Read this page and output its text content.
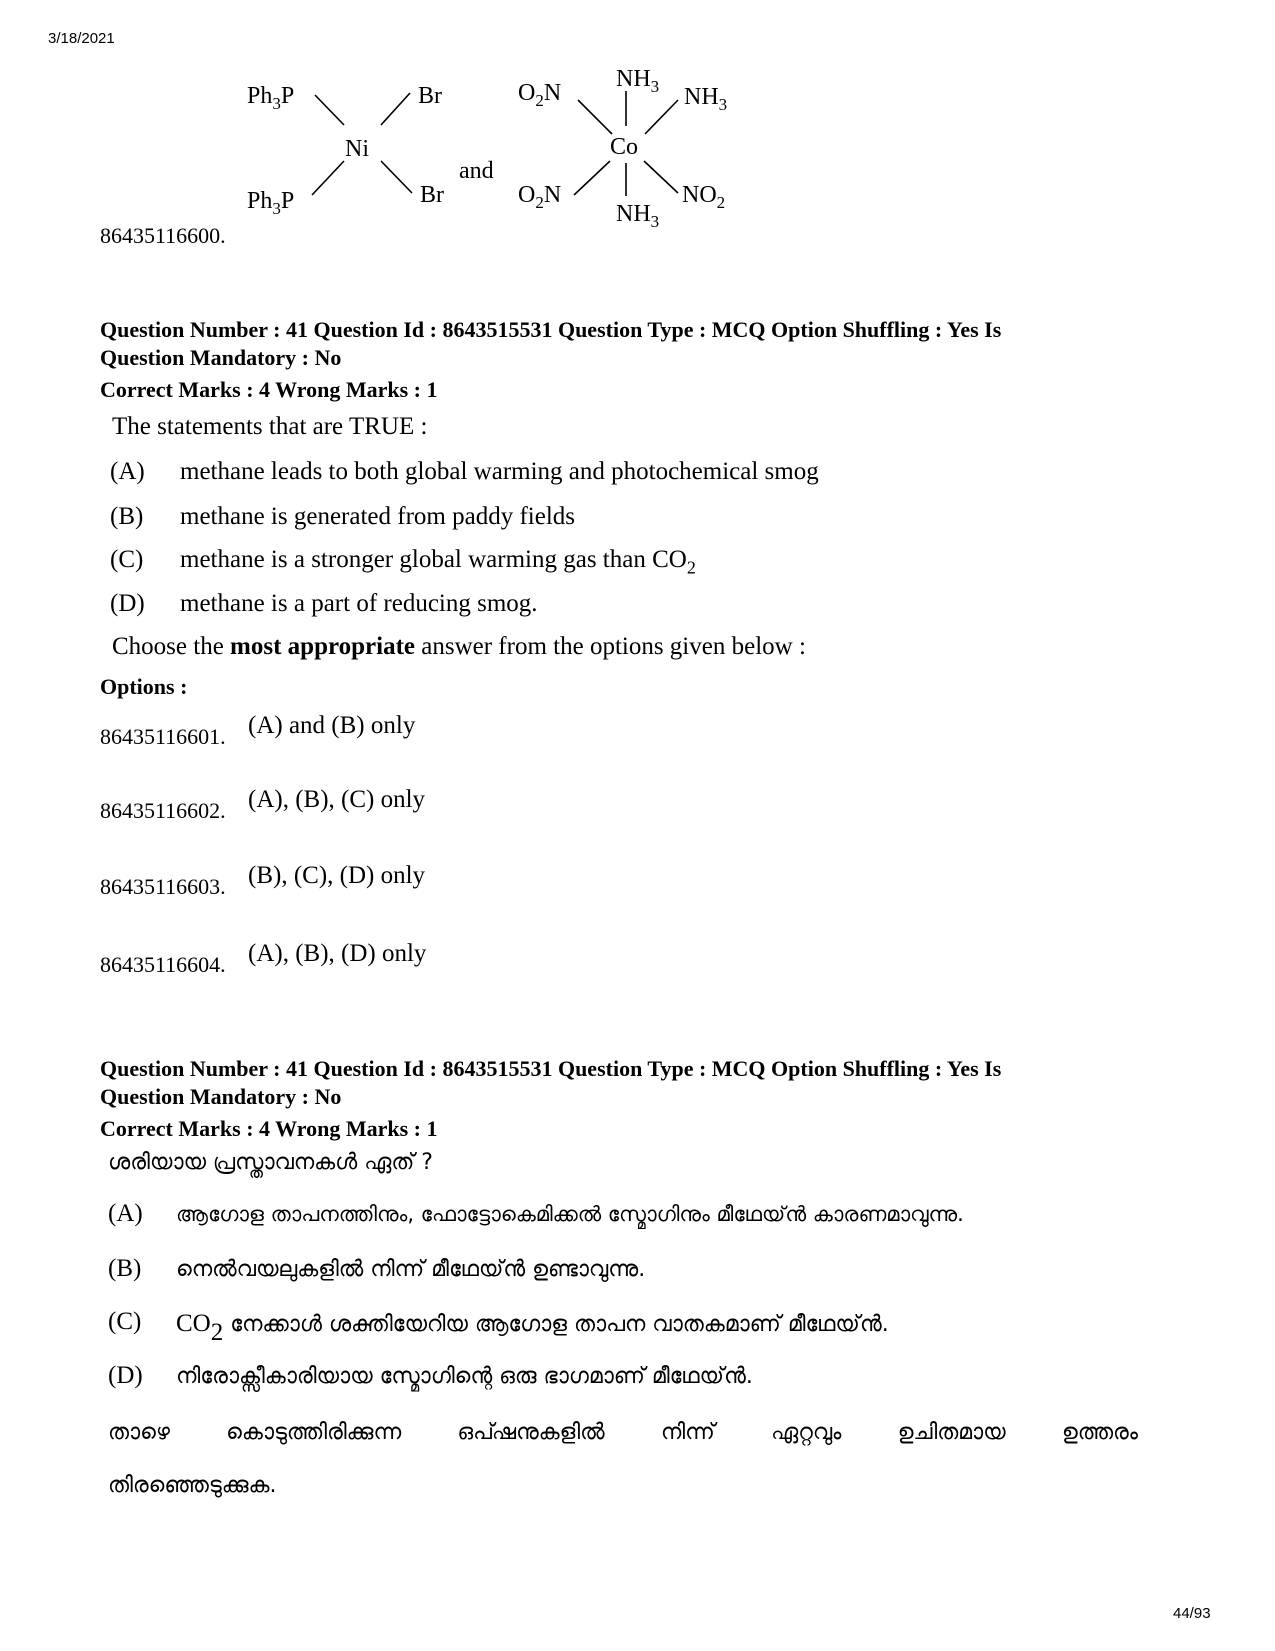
3/18/2021
86435116600.
$Ph_3P$	Br
Ni
$Ph_3P$	Br
and
$O_2N$
$NH_3$ $NH_3$
Co
$O_2N$
$NH_3$
$NO_2$
Question Number : 41 Question Id : 8643515531 Question Type : MCQ Option Shuffling : Yes Is
Question Mandatory : No
Correct Marks : 4 Wrong Marks : 1
The statements that are TRUE :
(A)	methane leads to both global warming and photochemical smog
(B)	methane is generated from paddy fields
(C)	methane is a stronger global warming gas than $CO_2$
(D)	methane is a part of reducing smog.
Choose the most appropriate answer from the options given below :
Options :
86435116601. (A) and (B) only
86435116602. (A), (B), (C) only
86435116603. (B), (C), (D) only
86435116604. (A), (B), (D) only
Question Number : 41 Question Id : 8643515531 Question Type : MCQ Option Shuffling : Yes Is
Question Mandatory : No
Correct Marks : 4 Wrong Marks : 1
ശരിയായ പ്രസ്താവനകൾ ഏത് ?
(A)	ആഗോള താപനത്തിനും, ഫോട്ടോകെമിക്കൽ സ്മോഗിനും മീഥേയ്ൻ കാരണമാവുന്നു.
(B)	നെൽവയലുകളിൽ നിന്ന് മീഥേയ്ൻ ഉണ്ടാവുന്നു.
(C)	$CO_2$ നേക്കാൾ ശക്തിയേറിയ ആഗോള താപന വാതകമാണ് മീഥേയ്ൻ.
(D)	നിരോക്സീകാരിയായ സ്മോഗിന്റെ ഒരു ഭാഗമാണ് മീഥേയ്ൻ.
താഴെ കൊടുത്തിരിക്കുന്ന ഒപ്ഷനുകളിൽ നിന്ന് ഏറ്റവും ഉചിതമായ ഉത്തരം
തിരഞ്ഞെടുക്കുക.
44/93
